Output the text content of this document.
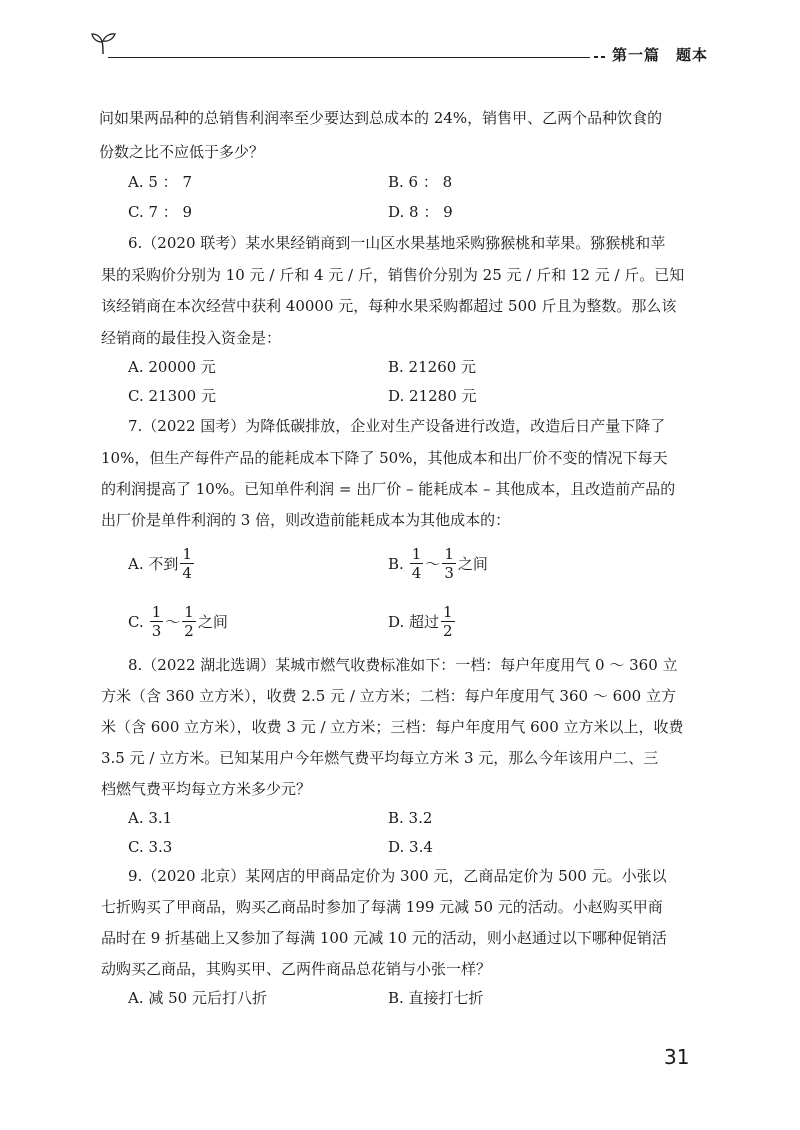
第一篇　题本
问如果两品种的总销售利润率至少要达到总成本的 24%，销售甲、乙两个品种饮食的
份数之比不应低于多少？
A. 5 ： 7	B. 6 ： 8
C. 7 ： 9	D. 8 ： 9
6.（2020 联考）某水果经销商到一山区水果基地采购猕猴桃和苹果。猕猴桃和苹
果的采购价分别为 10 元 / 斤和 4 元 / 斤，销售价分别为 25 元 / 斤和 12 元 / 斤。已知
该经销商在本次经营中获利 40000 元，每种水果采购都超过 500 斤且为整数。那么该
经销商的最佳投入资金是：
A. 20000 元	B. 21260 元
C. 21300 元	D. 21280 元
7.（2022 国考）为降低碳排放，企业对生产设备进行改造，改造后日产量下降了
10%，但生产每件产品的能耗成本下降了 50%，其他成本和出厂价不变的情况下每天
的利润提高了 10%。已知单件利润 = 出厂价 – 能耗成本 – 其他成本，且改造前产品的
出厂价是单件利润的 3 倍，则改造前能耗成本为其他成本的：
A. 不到 $\frac{1}{4}$	B. $\frac{1}{4}$ ～ $\frac{1}{3}$ 之间
C. $\frac{1}{3}$ ～ $\frac{1}{2}$ 之间	D. 超过 $\frac{1}{2}$
8.（2022 湖北选调）某城市燃气收费标准如下：一档：每户年度用气 0 ～ 360 立
方米（含 360 立方米），收费 2.5 元 / 立方米；二档：每户年度用气 360 ～ 600 立方
米（含 600 立方米），收费 3 元 / 立方米；三档：每户年度用气 600 立方米以上，收费
3.5 元 / 立方米。已知某用户今年燃气费平均每立方米 3 元，那么今年该用户二、三
档燃气费平均每立方米多少元？
A. 3.1	B. 3.2
C. 3.3	D. 3.4
9.（2020 北京）某网店的甲商品定价为 300 元，乙商品定价为 500 元。小张以
七折购买了甲商品，购买乙商品时参加了每满 199 元减 50 元的活动。小赵购买甲商
品时在 9 折基础上又参加了每满 100 元减 10 元的活动，则小赵通过以下哪种促销活
动购买乙商品，其购买甲、乙两件商品总花销与小张一样？
A. 减 50 元后打八折	B. 直接打七折
31
